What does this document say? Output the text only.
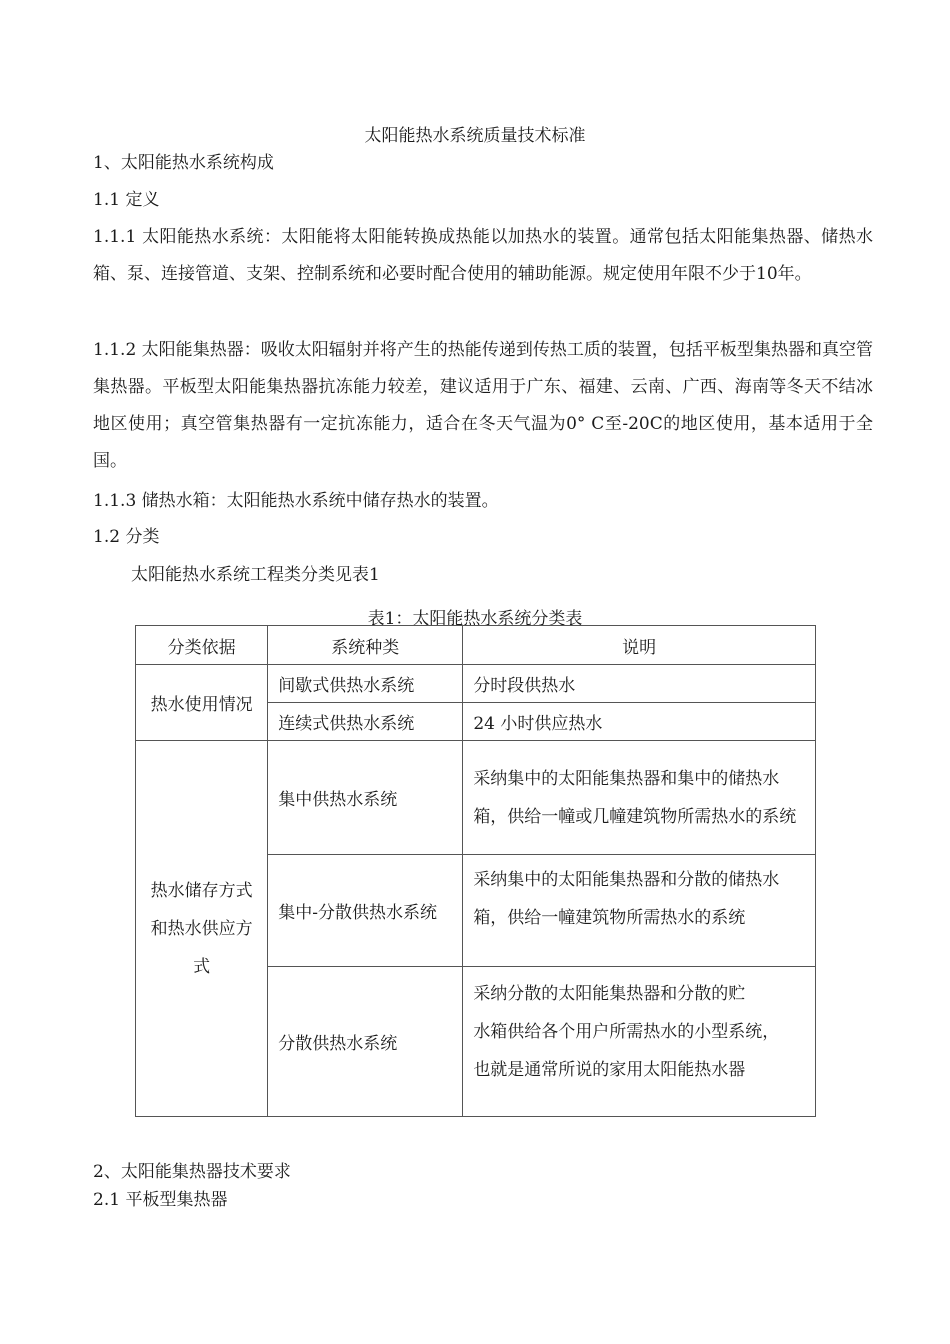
太阳能热水系统质量技术标准
1、太阳能热水系统构成
1.1 定义
1.1.1 太阳能热水系统：太阳能将太阳能转换成热能以加热水的装置。通常包括太阳能集热器、储热水箱、泵、连接管道、支架、控制系统和必要时配合使用的辅助能源。规定使用年限不少于10年。
1.1.2 太阳能集热器：吸收太阳辐射并将产生的热能传递到传热工质的装置，包括平板型集热器和真空管集热器。平板型太阳能集热器抗冻能力较差，建议适用于广东、福建、云南、广西、海南等冬天不结冰地区使用；真空管集热器有一定抗冻能力，适合在冬天气温为0° C至-20C的地区使用，基本适用于全国。
1.1.3 储热水箱：太阳能热水系统中储存热水的装置。
1.2 分类
太阳能热水系统工程类分类见表1
表1：太阳能热水系统分类表
分类依据	系统种类	说明
热水使用情况	间歇式供热水系统	分时段供热水
	连续式供热水系统	24 小时供应热水

热水储存方式
和热水供应方式	集中供热水系统	采纳集中的太阳能集热器和集中的储热水箱，供给一幢或几幢建筑物所需热水的系统
	集中-分散供热水系统	采纳集中的太阳能集热器和分散的储热水箱，供给一幢建筑物所需热水的系统
	分散供热水系统	采纳分散的太阳能集热器和分散的贮
水箱供给各个用户所需热水的小型系统，
也就是通常所说的家用太阳能热水器
2、太阳能集热器技术要求
2.1 平板型集热器
